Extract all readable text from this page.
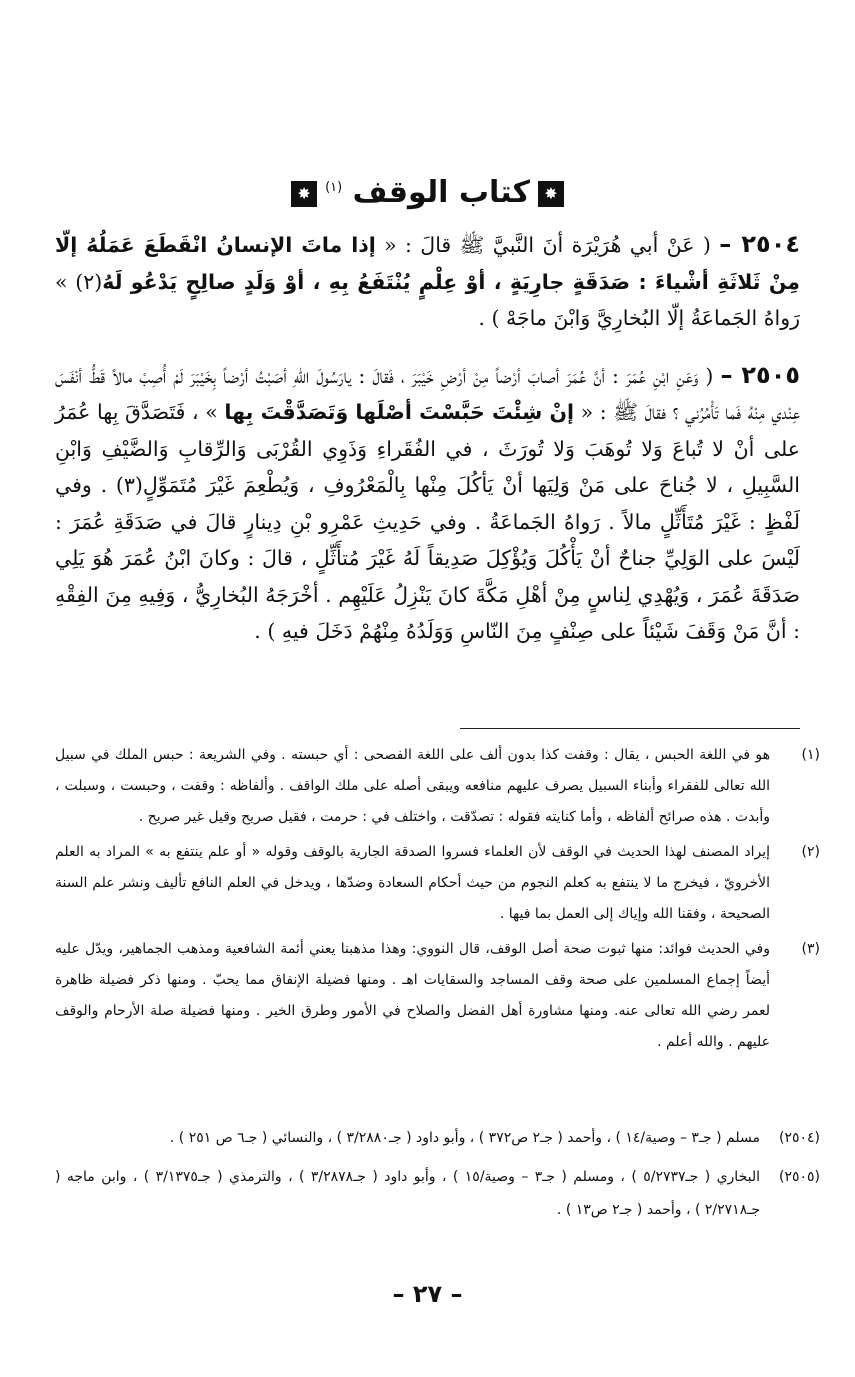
✸كتاب الوقف $^{(١)}$✸

٢٥٠٤ – ( عَنْ أبي هُرَيْرَة أنَ النَّبيَّ ﷺ قالَ : « إذا ماتَ الإنسانُ انْقَطَعَ عَمَلُهُ إلّا مِنْ ثَلاثَةِ أشْياءَ : صَدَقَةٍ جارِيَةٍ ، أوْ عِلْمٍ يُنْتَفَعُ بِهِ ، أوْ وَلَدٍ صالِحٍ يَدْعُو لَهُ(٢) » رَواهُ الجَماعَةُ إلّا البُخارِيَّ وَابْنَ ماجَهْ ) .

٢٥٠٥ – ( وَعَنِ ابْنِ عُمَرَ : أنَّ عُمَرَ أصابَ أرْضاً مِنْ أرْضِ خَيْبَرَ ، فَقالَ : يارَسُولَ اللهِ أصَبْتُ أرْضاً بِخَيْبَرَ لَمْ أُصِبْ مالاً قَطُّ أنْفَسَ عِنْدي مِنْهُ فَما تَأْمُرُني ؟ فقالَ ﷺ : « إنْ شِئْتَ حَبَّسْتَ أصْلَها وَتَصَدَّقْتَ بِها » ، فَتَصَدَّقَ بِها عُمَرُ على أنْ لا تُباعَ وَلا تُوهَبَ وَلا تُورَثَ ، في الفُقَراءِ وَذَوِي القُرْبَى وَالرِّقابِ وَالضَّيْفِ وَابْنِ السَّبِيلِ ، لا جُناحَ على مَنْ وَلِيَها أنْ يَأكُلَ مِنْها بِالْمَعْرُوفِ ، وَيُطْعِمَ غَيْرَ مُتَمَوِّلٍ(٣) . وفي لَفْظٍ : غَيْرَ مُتَأَثِّلٍ مالاً . رَواهُ الجَماعَةُ . وفي حَدِيثِ عَمْرِو بْنِ دِينارٍ قالَ في صَدَقَةِ عُمَرَ : لَيْسَ على الوَلِيِّ جناحٌ أنْ يَأْكُلَ وَيُؤْكِلَ صَدِيقاً لَهُ غَيْرَ مُتأَثِّلٍ ، قالَ : وكانَ ابْنُ عُمَرَ هُوَ يَلِي صَدَقَةَ عُمَرَ ، وَيُهْدِي لِناسٍ مِنْ أهْلِ مَكَّةَ كانَ يَنْزِلُ عَلَيْهِم . أخْرَجَهُ البُخارِيُّ ، وَفِيهِ مِنَ الفِقْهِ : أنَّ مَنْ وَقَفَ شَيْئاً على صِنْفٍ مِنَ النّاسِ وَوَلَدُهُ مِنْهُمْ دَخَلَ فيهِ ) .

(١)
هو في اللغة الحبس ، يقال : وقفت كذا بدون ألف على اللغة الفصحى : أي حبسته . وفي الشريعة : حبس الملك في سبيل الله تعالى للفقراء وأبناء السبيل يصرف عليهم منافعه ويبقى أصله على ملك الواقف . وألفاظه : وقفت ، وحبست ، وسبلت ، وأبدت . هذه صرائح ألفاظه ، وأما كنايته فقوله : تصدّقت ، واختلف في : حرمت ، فقيل صريح وقيل غير صريح .
(٢)
إيراد المصنف لهذا الحديث في الوقف لأن العلماء فسروا الصدقة الجارية بالوقف وقوله « أو علم ينتفع به » المراد به العلم الأخرويّ ، فيخرج ما لا ينتفع به كعلم النجوم من حيث أحكام السعادة وضدّها ، ويدخل في العلم النافع تأليف ونشر علم السنة الصحيحة ، وفقنا الله وإياك إلى العمل بما فيها .
(٣)
وفي الحديث فوائد: منها ثبوت صحة أصل الوقف، قال النووي: وهذا مذهبنا يعني أئمة الشافعية ومذهب الجماهير، ويدّل عليه أيضاً إجماع المسلمين على صحة وقف المساجد والسقايات اهـ . ومنها فضيلة الإنفاق مما يحبّ . ومنها ذكر فضيلة ظاهرة لعمر رضي الله تعالى عنه. ومنها مشاورة أهل الفضل والصلاح في الأمور وطرق الخير . ومنها فضيلة صلة الأرحام والوقف عليهم . والله أعلم .
(٢٥٠٤)
مسلم ( جـ٣ – وصية/١٤ ) ، وأحمد ( جـ٢ ص٣٧٢ ) ، وأبو داود ( جـ٣/٢٨٨٠ ) ، والنسائي ( جـ٦ ص ٢٥١ ) .
(٢٥٠٥)
البخاري ( جـ٥/٢٧٣٧ ) ، ومسلم ( جـ٣ – وصية/١٥ ) ، وأبو داود ( جـ٣/٢٨٧٨ ) ، والترمذي ( جـ٣/١٣٧٥ ) ، وابن ماجه ( جـ٢/٢٧١٨ ) ، وأحمد ( جـ٢ ص١٣ ) .
– ٢٧ –
